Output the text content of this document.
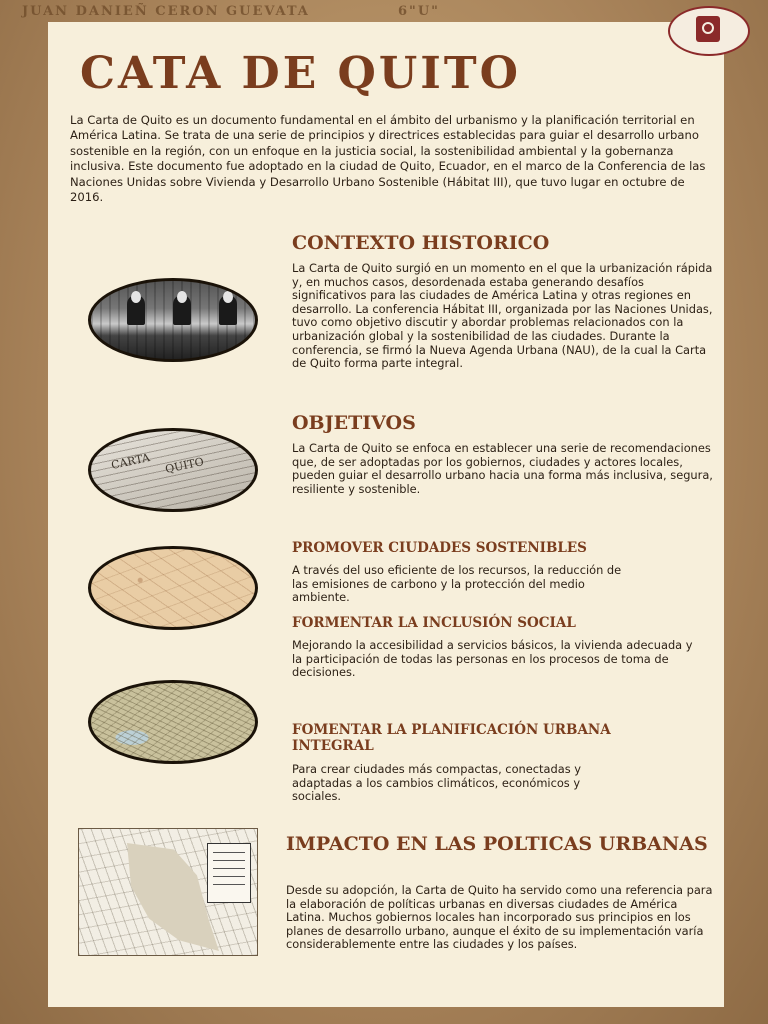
JUAN DANIEÑ CERON GUEVATA	6"U"
CATA DE QUITO

La Carta de Quito es un documento fundamental en el ámbito del urbanismo y la planificación territorial en América Latina. Se trata de una serie de principios y directrices establecidas para guiar el desarrollo urbano sostenible en la región, con un enfoque en la justicia social, la sostenibilidad ambiental y la gobernanza inclusiva. Este documento fue adoptado en la ciudad de Quito, Ecuador, en el marco de la Conferencia de las Naciones Unidas sobre Vivienda y Desarrollo Urbano Sostenible (Hábitat III), que tuvo lugar en octubre de 2016.

CONTEXTO HISTORICO

La Carta de Quito surgió en un momento en el que la urbanización rápida y, en muchos casos, desordenada estaba generando desafíos significativos para las ciudades de América Latina y otras regiones en desarrollo. La conferencia Hábitat III, organizada por las Naciones Unidas, tuvo como objetivo discutir y abordar problemas relacionados con la urbanización global y la sostenibilidad de las ciudades. Durante la conferencia, se firmó la Nueva Agenda Urbana (NAU), de la cual la Carta de Quito forma parte integral.

OBJETIVOS
CARTA QUITO

La Carta de Quito se enfoca en establecer una serie de recomendaciones que, de ser adoptadas por los gobiernos, ciudades y actores locales, pueden guiar el desarrollo urbano hacia una forma más inclusiva, segura, resiliente y sostenible.

PROMOVER CIUDADES SOSTENIBLES

A través del uso eficiente de los recursos, la reducción de las emisiones de carbono y la protección del medio ambiente.

FORMENTAR LA INCLUSIÓN SOCIAL

Mejorando la accesibilidad a servicios básicos, la vivienda adecuada y la participación de todas las personas en los procesos de toma de decisiones.

FOMENTAR LA PLANIFICACIÓN URBANA INTEGRAL

Para crear ciudades más compactas, conectadas y adaptadas a los cambios climáticos, económicos y sociales.

IMPACTO EN LAS POLTICAS URBANAS

Desde su adopción, la Carta de Quito ha servido como una referencia para la elaboración de políticas urbanas en diversas ciudades de América Latina. Muchos gobiernos locales han incorporado sus principios en los planes de desarrollo urbano, aunque el éxito de su implementación varía considerablemente entre las ciudades y los países.
